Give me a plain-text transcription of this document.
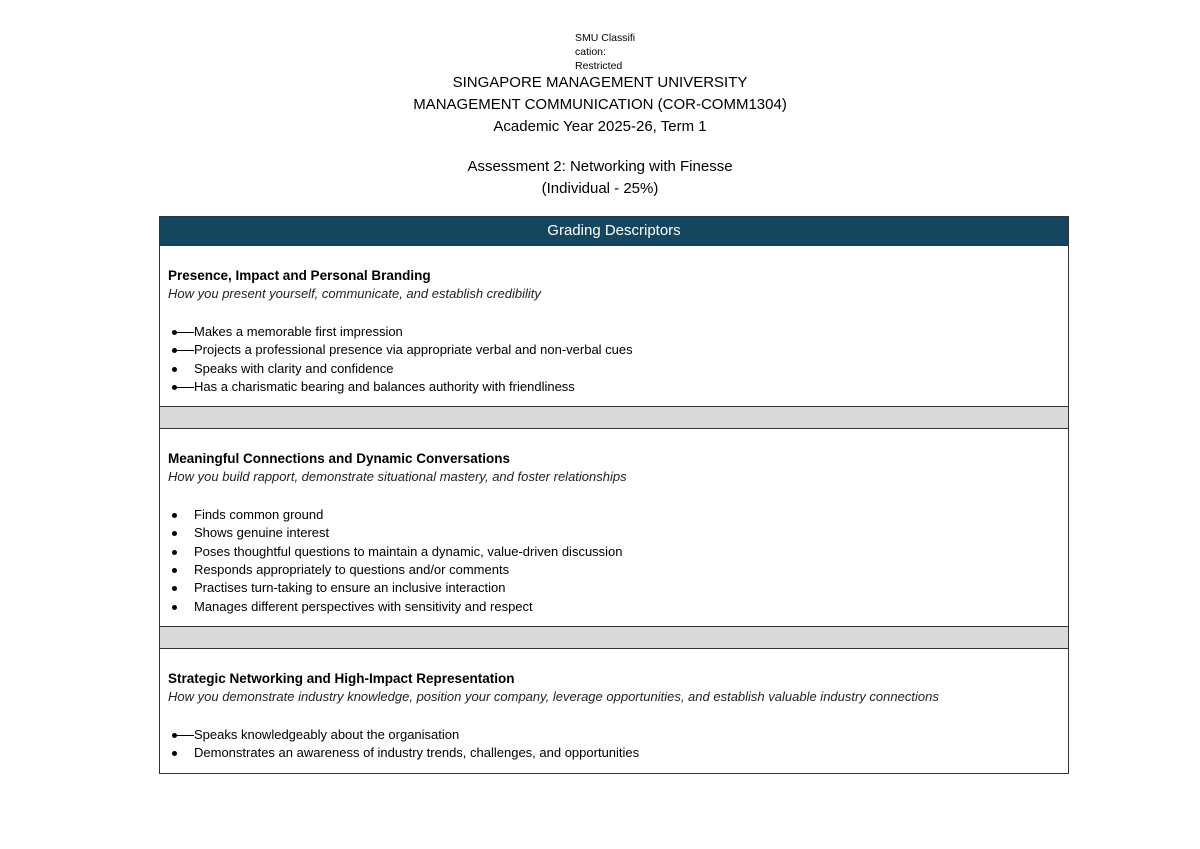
SMU Classification:
Restricted
SINGAPORE MANAGEMENT UNIVERSITY
MANAGEMENT COMMUNICATION (COR-COMM1304)
Academic Year 2025-26, Term 1
Assessment 2: Networking with Finesse
(Individual - 25%)
Grading Descriptors
Presence, Impact and Personal Branding
How you present yourself, communicate, and establish credibility
Makes a memorable first impression
Projects a professional presence via appropriate verbal and non-verbal cues
Speaks with clarity and confidence
Has a charismatic bearing and balances authority with friendliness
Meaningful Connections and Dynamic Conversations
How you build rapport, demonstrate situational mastery, and foster relationships
Finds common ground
Shows genuine interest
Poses thoughtful questions to maintain a dynamic, value-driven discussion
Responds appropriately to questions and/or comments
Practises turn-taking to ensure an inclusive interaction
Manages different perspectives with sensitivity and respect
Strategic Networking and High-Impact Representation
How you demonstrate industry knowledge, position your company, leverage opportunities, and establish valuable industry connections
Speaks knowledgeably about the organisation
Demonstrates an awareness of industry trends, challenges, and opportunities
